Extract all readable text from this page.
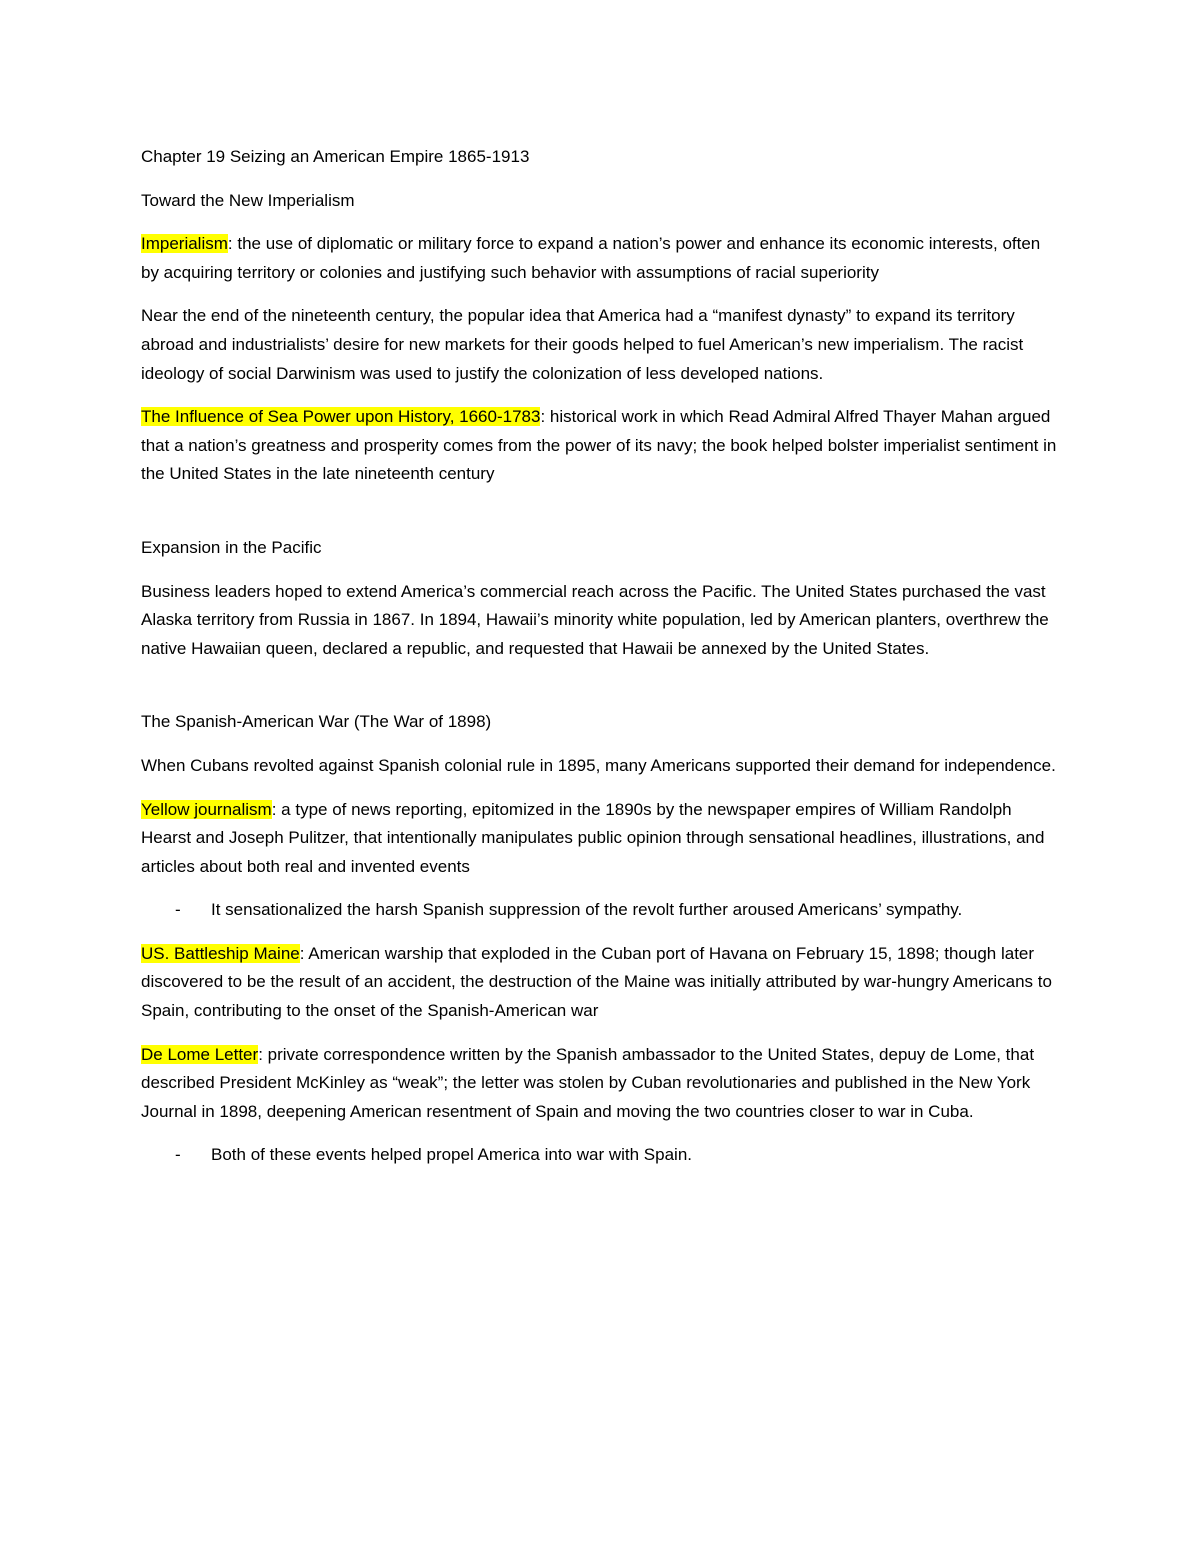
Chapter 19 Seizing an American Empire 1865-1913

Toward the New Imperialism

Imperialism: the use of diplomatic or military force to expand a nation’s power and enhance its economic interests, often by acquiring territory or colonies and justifying such behavior with assumptions of racial superiority

Near the end of the nineteenth century, the popular idea that America had a “manifest dynasty” to expand its territory abroad and industrialists’ desire for new markets for their goods helped to fuel American’s new imperialism. The racist ideology of social Darwinism was used to justify the colonization of less developed nations.

The Influence of Sea Power upon History, 1660-1783: historical work in which Read Admiral Alfred Thayer Mahan argued that a nation’s greatness and prosperity comes from the power of its navy; the book helped bolster imperialist sentiment in the United States in the late nineteenth century

Expansion in the Pacific

Business leaders hoped to extend America’s commercial reach across the Pacific. The United States purchased the vast Alaska territory from Russia in 1867. In 1894, Hawaii’s minority white population, led by American planters, overthrew the native Hawaiian queen, declared a republic, and requested that Hawaii be annexed by the United States.

The Spanish-American War (The War of 1898)

When Cubans revolted against Spanish colonial rule in 1895, many Americans supported their demand for independence.

Yellow journalism: a type of news reporting, epitomized in the 1890s by the newspaper empires of William Randolph Hearst and Joseph Pulitzer, that intentionally manipulates public opinion through sensational headlines, illustrations, and articles about both real and invented events

- It sensationalized the harsh Spanish suppression of the revolt further aroused Americans’ sympathy.

US. Battleship Maine: American warship that exploded in the Cuban port of Havana on February 15, 1898; though later discovered to be the result of an accident, the destruction of the Maine was initially attributed by war-hungry Americans to Spain, contributing to the onset of the Spanish-American war

De Lome Letter: private correspondence written by the Spanish ambassador to the United States, depuy de Lome, that described President McKinley as “weak”; the letter was stolen by Cuban revolutionaries and published in the New York Journal in 1898, deepening American resentment of Spain and moving the two countries closer to war in Cuba.

- Both of these events helped propel America into war with Spain.
